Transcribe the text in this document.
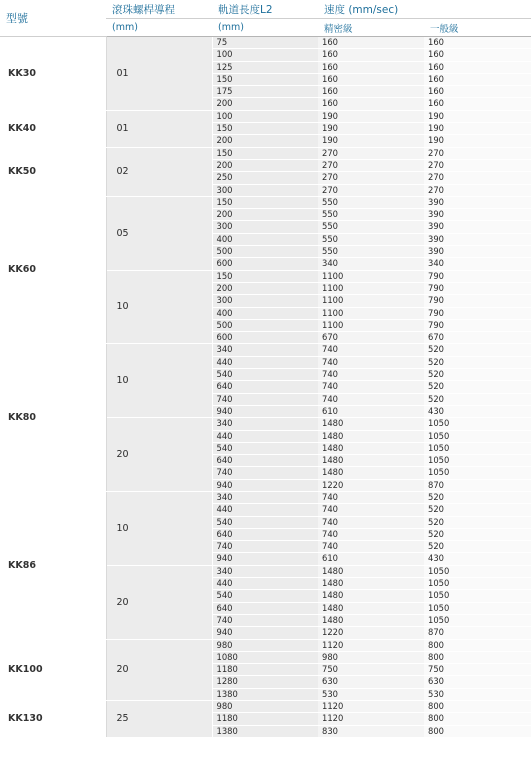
型號	滾珠螺桿導程	軌道長度L2	速度 (mm/sec)	
	(mm)	(mm)	精密級	一般級
KK30	01	75	160	160
		100	160	160
		125	160	160
		150	160	160
		175	160	160
		200	160	160
KK40	01	100	190	190
		150	190	190
		200	190	190
KK50	02	150	270	270
		200	270	270
		250	270	270
		300	270	270
KK60	05	150	550	390
		200	550	390
		300	550	390
		400	550	390
		500	550	390
		600	340	340
	10	150	1100	790
		200	1100	790
		300	1100	790
		400	1100	790
		500	1100	790
		600	670	670
KK80	10	340	740	520
		440	740	520
		540	740	520
		640	740	520
		740	740	520
		940	610	430
	20	340	1480	1050
		440	1480	1050
		540	1480	1050
		640	1480	1050
		740	1480	1050
		940	1220	870
KK86	10	340	740	520
		440	740	520
		540	740	520
		640	740	520
		740	740	520
		940	610	430
	20	340	1480	1050
		440	1480	1050
		540	1480	1050
		640	1480	1050
		740	1480	1050
		940	1220	870
KK100	20	980	1120	800
		1080	980	800
		1180	750	750
		1280	630	630
		1380	530	530
KK130	25	980	1120	800
		1180	1120	800
		1380	830	800
